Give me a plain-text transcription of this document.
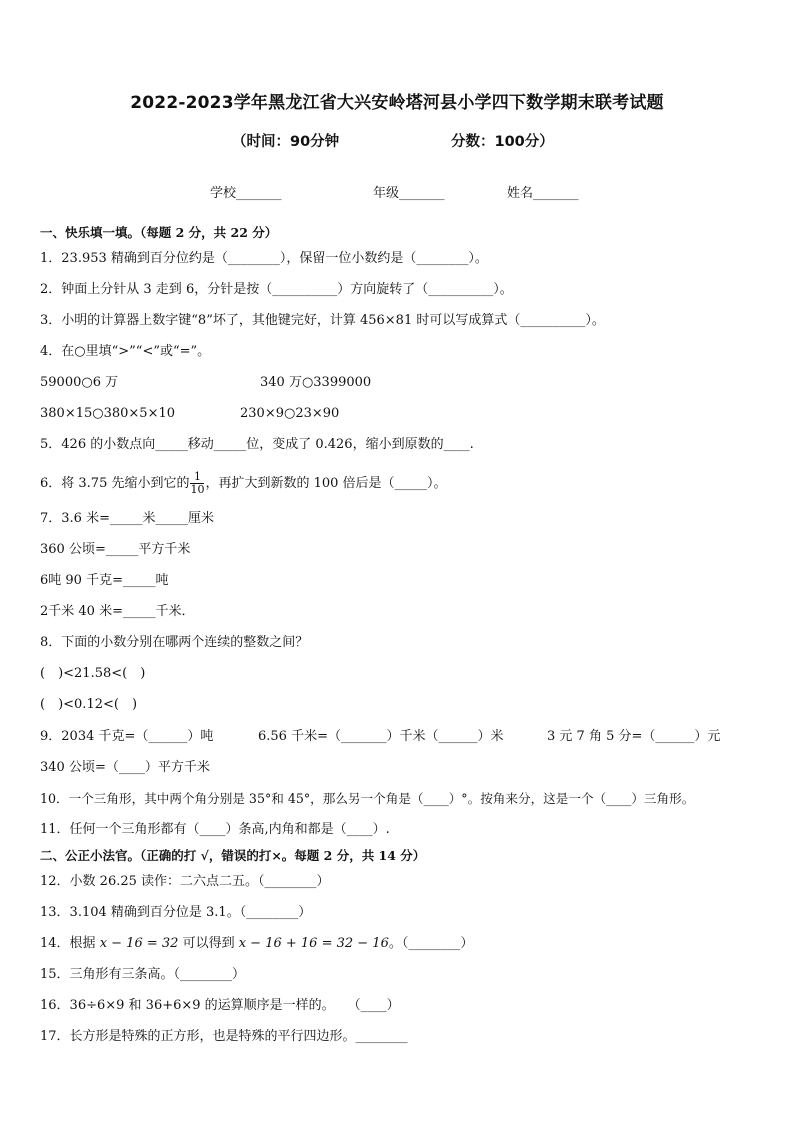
2022-2023学年黑龙江省大兴安岭塔河县小学四下数学期末联考试题
（时间：90分钟	分数：100分）
学校_______	年级_______	姓名_______
一、快乐填一填。（每题 2 分，共 22 分）
1．23.953 精确到百分位约是（________），保留一位小数约是（________）。
2．钟面上分针从 3 走到 6，分针是按（__________）方向旋转了（__________）。
3．小明的计算器上数字键“8”坏了，其他键完好，计算 456×81 时可以写成算式（__________）。
4．在○里填“>”“<”或“=”。
59000○6 万	340 万○3399000
380×15○380×5×10	230×9○23×90
5．426 的小数点向_____移动_____位，变成了 0.426，缩小到原数的____.
6．将 3.75 先缩小到它的 $\frac{1}{10}$ ，再扩大到新数的 100 倍后是（_____）。
7．3.6 米=_____米_____厘米
360 公顷=_____平方千米
6吨 90 千克=_____吨
2千米 40 米=_____千米．
8．下面的小数分别在哪两个连续的整数之间？
(　)<21.58<(　)
(　)<0.12<(　)
9．2034 千克=（______）吨	6.56 千米=（_______）千米（______）米	3 元 7 角 5 分=（______）元
340 公顷=（____）平方千米
10．一个三角形，其中两个角分别是 35°和 45°，那么另一个角是（____）°。按角来分，这是一个（____）三角形。
11．任何一个三角形都有（____）条高,内角和都是（____）.
二、公正小法官。（正确的打 √，错误的打×。每题 2 分，共 14 分）
12．小数 26.25 读作：二六点二五。（________）
13．3.104 精确到百分位是 3.1。（________）
14．根据 x − 16 = 32 可以得到 x − 16 + 16 = 32 − 16。（________）
15．三角形有三条高。（________）
16．36÷6×9 和 36+6×9 的运算顺序是一样的。　　（____）
17．长方形是特殊的正方形，也是特殊的平行四边形。________
